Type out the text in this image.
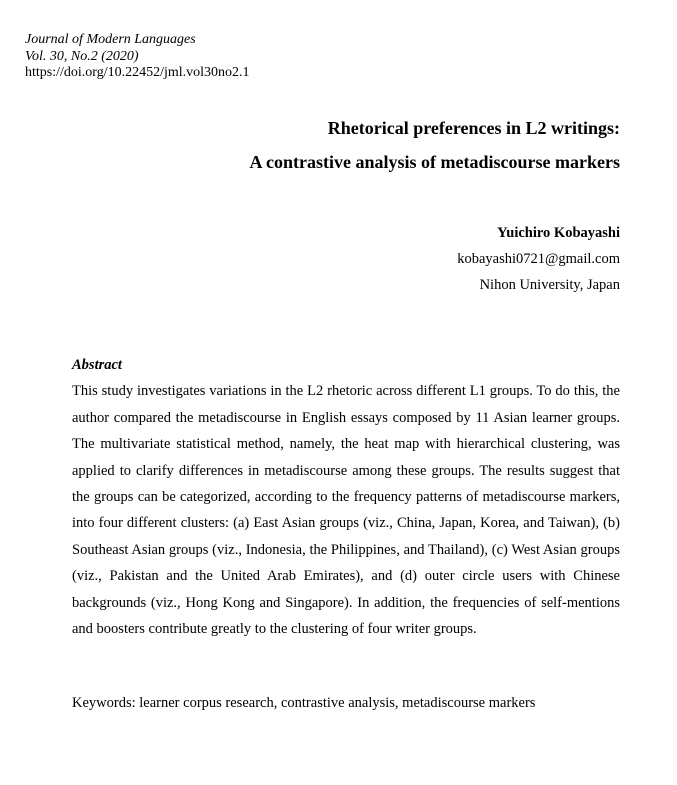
Journal of Modern Languages
Vol. 30, No.2 (2020)
https://doi.org/10.22452/jml.vol30no2.1
Rhetorical preferences in L2 writings:
A contrastive analysis of metadiscourse markers
Yuichiro Kobayashi
kobayashi0721@gmail.com
Nihon University, Japan
Abstract
This study investigates variations in the L2 rhetoric across different L1 groups. To do this, the author compared the metadiscourse in English essays composed by 11 Asian learner groups. The multivariate statistical method, namely, the heat map with hierarchical clustering, was applied to clarify differences in metadiscourse among these groups. The results suggest that the groups can be categorized, according to the frequency patterns of metadiscourse markers, into four different clusters: (a) East Asian groups (viz., China, Japan, Korea, and Taiwan), (b) Southeast Asian groups (viz., Indonesia, the Philippines, and Thailand), (c) West Asian groups (viz., Pakistan and the United Arab Emirates), and (d) outer circle users with Chinese backgrounds (viz., Hong Kong and Singapore). In addition, the frequencies of self-mentions and boosters contribute greatly to the clustering of four writer groups.
Keywords: learner corpus research, contrastive analysis, metadiscourse markers
